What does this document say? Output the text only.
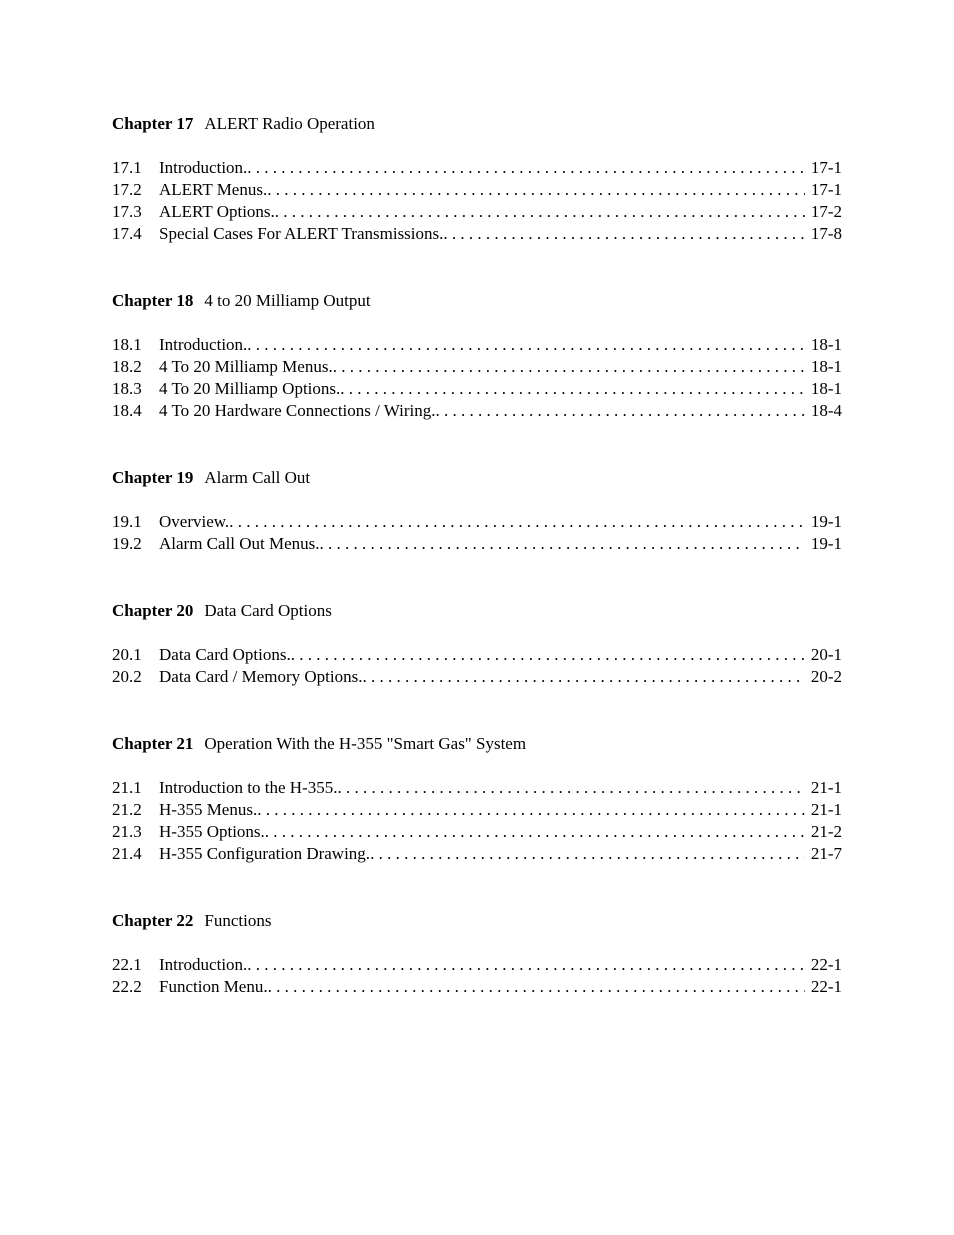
Chapter 17 ALERT Radio Operation
17.1	Introduction. . . .	17-1
17.2	ALERT Menus. . . .	17-1
17.3	ALERT Options. . . .	17-2
17.4	Special Cases For ALERT Transmissions. . . .	17-8
Chapter 18 4 to 20 Milliamp Output
18.1	Introduction. . . .	18-1
18.2	4 To 20 Milliamp Menus. . . .	18-1
18.3	4 To 20 Milliamp Options. . . .	18-1
18.4	4 To 20 Hardware Connections / Wiring. . . .	18-4
Chapter 19 Alarm Call Out
19.1	Overview. . . .	19-1
19.2	Alarm Call Out Menus. . . .	19-1
Chapter 20 Data Card Options
20.1	Data Card Options. . . .	20-1
20.2	Data Card / Memory Options. . . .	20-2
Chapter 21 Operation With the H-355 "Smart Gas" System
21.1	Introduction to the H-355. . . .	21-1
21.2	H-355 Menus. . . .	21-1
21.3	H-355 Options. . . .	21-2
21.4	H-355 Configuration Drawing. . . .	21-7
Chapter 22 Functions
22.1	Introduction. . . .	22-1
22.2	Function Menu. . . .	22-1
